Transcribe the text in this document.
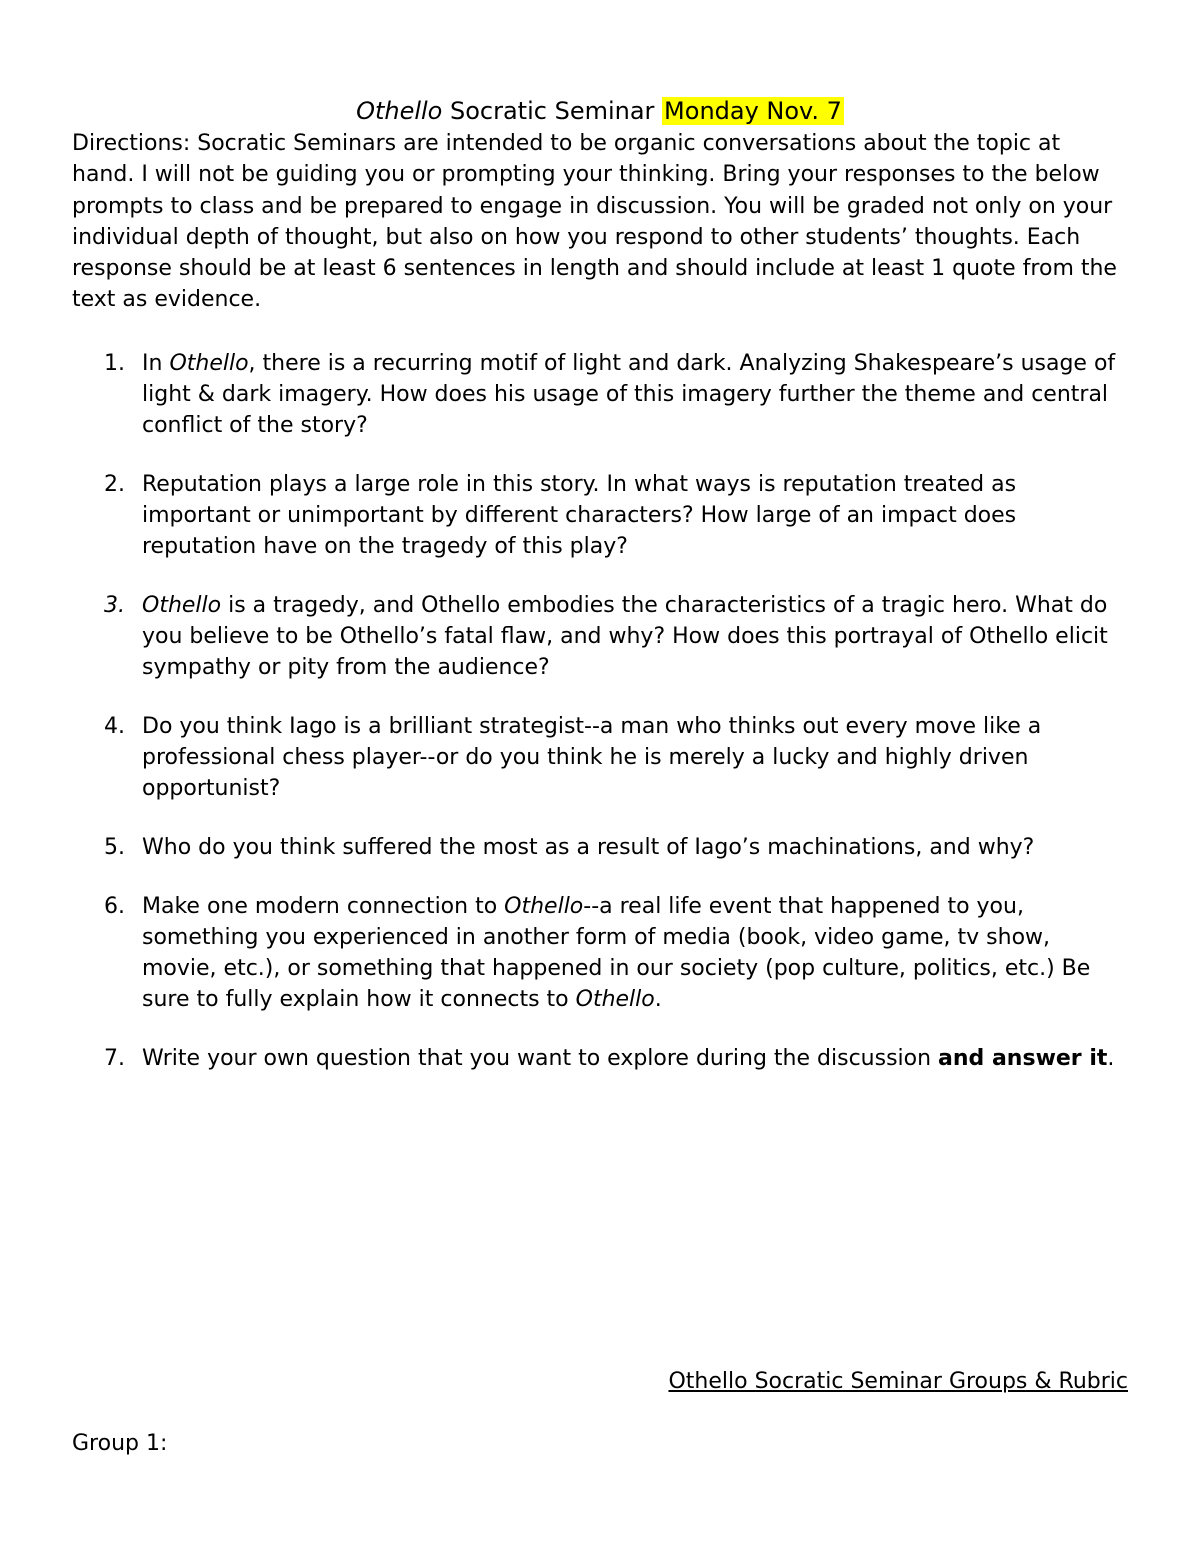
Othello Socratic Seminar Monday Nov. 7

Directions: Socratic Seminars are intended to be organic conversations about the topic at hand. I will not be guiding you or prompting your thinking. Bring your responses to the below prompts to class and be prepared to engage in discussion. You will be graded not only on your individual depth of thought, but also on how you respond to other students’ thoughts. Each response should be at least 6 sentences in length and should include at least 1 quote from the text as evidence.

1. In Othello, there is a recurring motif of light and dark. Analyzing Shakespeare’s usage of light & dark imagery. How does his usage of this imagery further the theme and central conflict of the story?
2. Reputation plays a large role in this story. In what ways is reputation treated as important or unimportant by different characters? How large of an impact does reputation have on the tragedy of this play?
3. Othello is a tragedy, and Othello embodies the characteristics of a tragic hero. What do you believe to be Othello’s fatal flaw, and why? How does this portrayal of Othello elicit sympathy or pity from the audience?
4. Do you think Iago is a brilliant strategist--a man who thinks out every move like a professional chess player--or do you think he is merely a lucky and highly driven opportunist?
5. Who do you think suffered the most as a result of Iago’s machinations, and why?
6. Make one modern connection to Othello--a real life event that happened to you, something you experienced in another form of media (book, video game, tv show, movie, etc.), or something that happened in our society (pop culture, politics, etc.) Be sure to fully explain how it connects to Othello.
7. Write your own question that you want to explore during the discussion and answer it.
Othello Socratic Seminar Groups & Rubric
Group 1:
